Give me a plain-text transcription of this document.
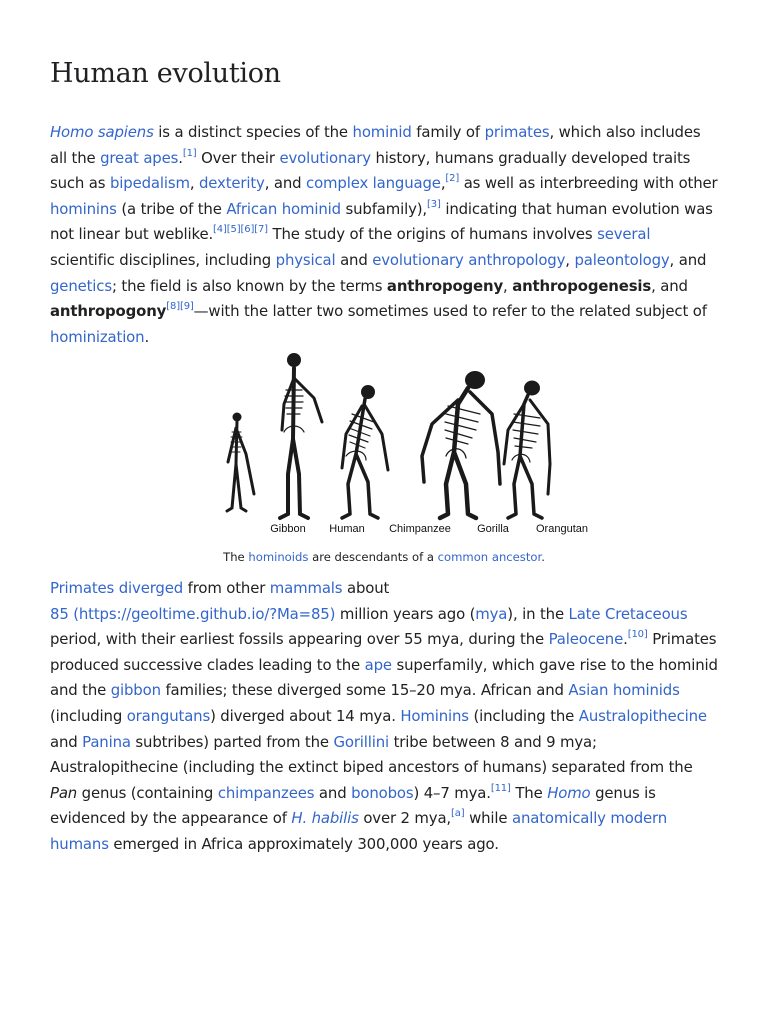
Human evolution

Homo sapiens is a distinct species of the hominid family of primates, which also includes all the great apes.[1] Over their evolutionary history, humans gradually developed traits such as bipedalism, dexterity, and complex language,[2] as well as interbreeding with other hominins (a tribe of the African hominid subfamily),[3] indicating that human evolution was not linear but weblike.[4][5][6][7] The study of the origins of humans involves several scientific disciplines, including physical and evolutionary anthropology, paleontology, and genetics; the field is also known by the terms anthropogeny, anthropogenesis, and anthropogony[8][9]—with the latter two sometimes used to refer to the related subject of hominization.

Gibbon Human Chimpanzee Gorilla Orangutan
The hominoids are descendants of a common ancestor.

Primates diverged from other mammals about
85 (https://geoltime.github.io/?Ma=85) million years ago (mya), in the Late Cretaceous period, with their earliest fossils appearing over 55 mya, during the Paleocene.[10] Primates produced successive clades leading to the ape superfamily, which gave rise to the hominid and the gibbon families; these diverged some 15–20 mya. African and Asian hominids (including orangutans) diverged about 14 mya. Hominins (including the Australopithecine and Panina subtribes) parted from the Gorillini tribe between 8 and 9 mya; Australopithecine (including the extinct biped ancestors of humans) separated from the Pan genus (containing chimpanzees and bonobos) 4–7 mya.[11] The Homo genus is evidenced by the appearance of H. habilis over 2 mya,[a] while anatomically modern humans emerged in Africa approximately 300,000 years ago.
